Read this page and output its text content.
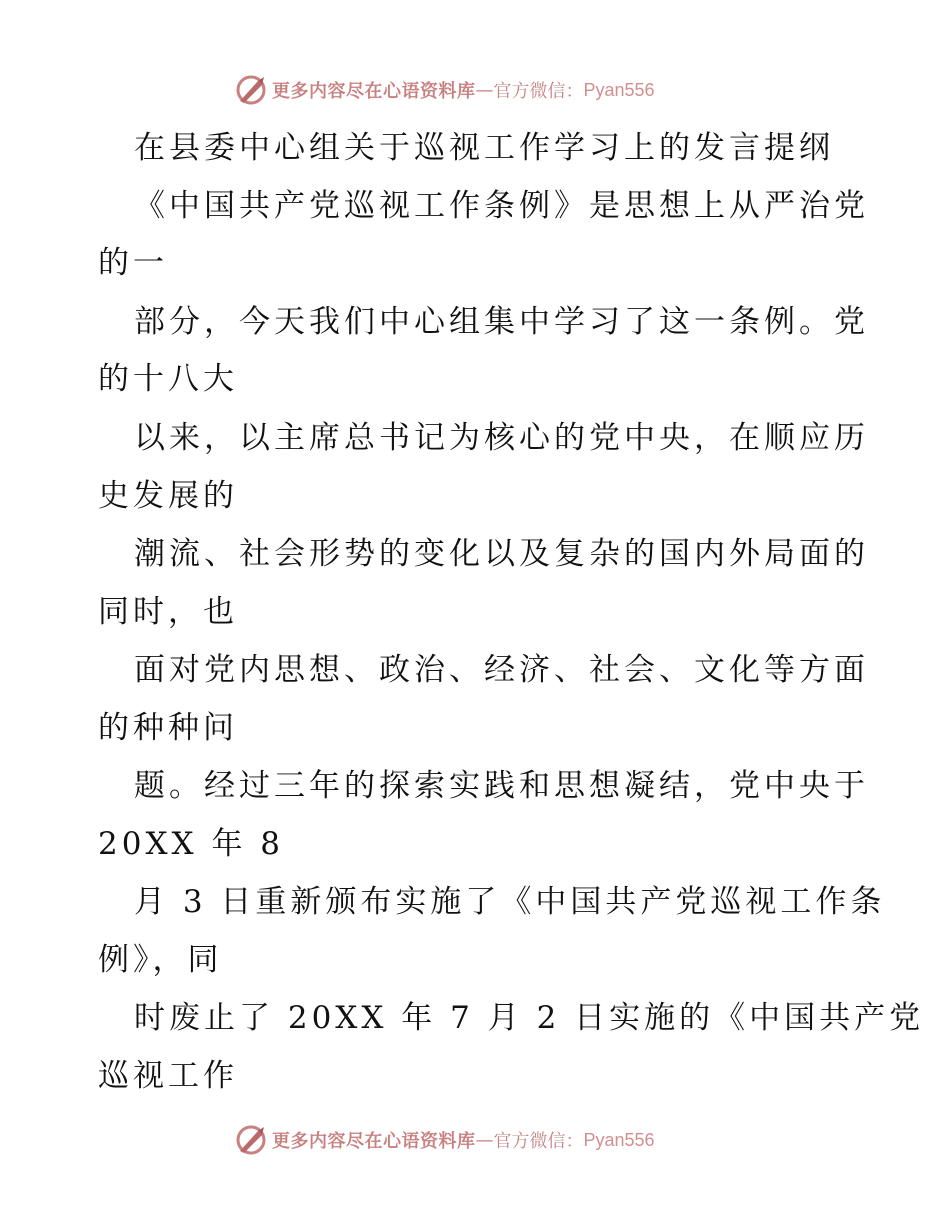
更多内容尽在心语资料库 — 官方微信： Pyan556
在县委中心组关于巡视工作学习上的发言提纲
《中国共产党巡视工作条例》是思想上从严治党
的一
部分，今天我们中心组集中学习了这一条例。党
的十八大
以来，以主席总书记为核心的党中央，在顺应历
史发展的
潮流、社会形势的变化以及复杂的国内外局面的
同时，也
面对党内思想、政治、经济、社会、文化等方面
的种种问
题。经过三年的探索实践和思想凝结，党中央于
20XX 年 8
月 3 日重新颁布实施了《中国共产党巡视工作条
例》，同
时废止了 20XX 年 7 月 2 日实施的《中国共产党
巡视工作
更多内容尽在心语资料库 — 官方微信： Pyan556
